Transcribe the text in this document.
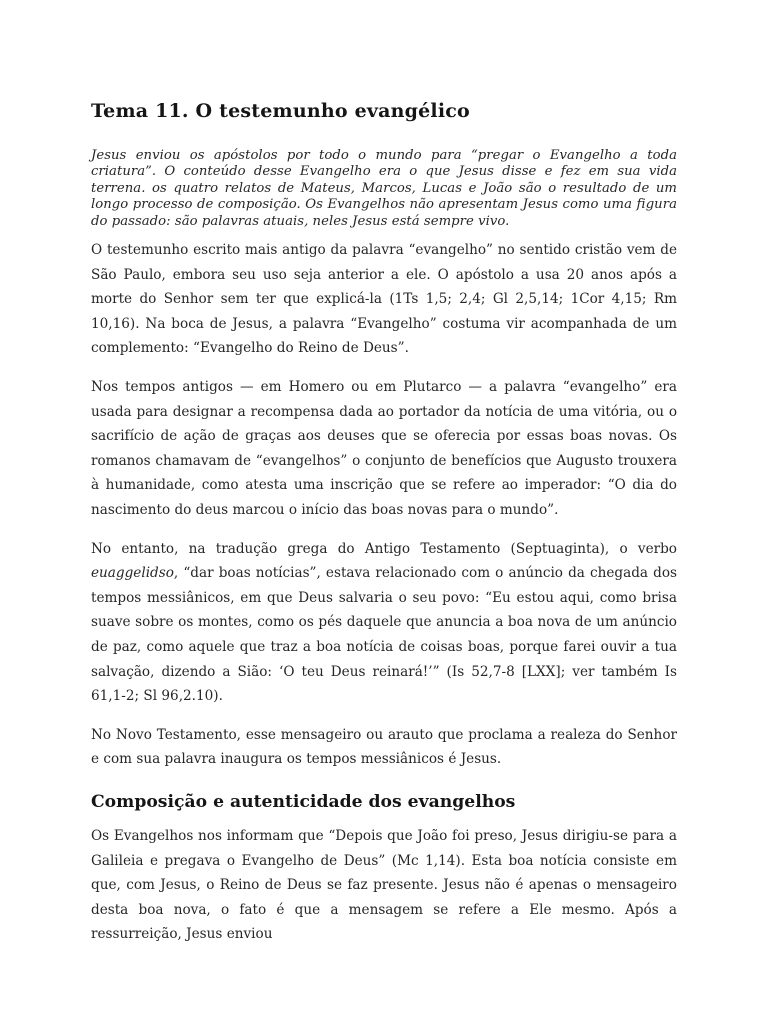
Tema 11. O testemunho evangélico

Jesus enviou os apóstolos por todo o mundo para “pregar o Evangelho a toda criatura”. O conteúdo desse Evangelho era o que Jesus disse e fez em sua vida terrena. os quatro relatos de Mateus, Marcos, Lucas e João são o resultado de um longo processo de composição. Os Evangelhos não apresentam Jesus como uma figura do passado: são palavras atuais, neles Jesus está sempre vivo.

O testemunho escrito mais antigo da palavra “evangelho” no sentido cristão vem de São Paulo, embora seu uso seja anterior a ele. O apóstolo a usa 20 anos após a morte do Senhor sem ter que explicá-la (1Ts 1,5; 2,4; Gl 2,5,14; 1Cor 4,15; Rm 10,16). Na boca de Jesus, a palavra “Evangelho” costuma vir acompanhada de um complemento: “Evangelho do Reino de Deus”.

Nos tempos antigos — em Homero ou em Plutarco — a palavra “evangelho” era usada para designar a recompensa dada ao portador da notícia de uma vitória, ou o sacrifício de ação de graças aos deuses que se oferecia por essas boas novas. Os romanos chamavam de “evangelhos” o conjunto de benefícios que Augusto trouxera à humanidade, como atesta uma inscrição que se refere ao imperador: “O dia do nascimento do deus marcou o início das boas novas para o mundo”.

No entanto, na tradução grega do Antigo Testamento (Septuaginta), o verbo euaggelidso, “dar boas notícias”, estava relacionado com o anúncio da chegada dos tempos messiânicos, em que Deus salvaria o seu povo: “Eu estou aqui, como brisa suave sobre os montes, como os pés daquele que anuncia a boa nova de um anúncio de paz, como aquele que traz a boa notícia de coisas boas, porque farei ouvir a tua salvação, dizendo a Sião: ‘O teu Deus reinará!’” (Is 52,7-8 [LXX]; ver também Is 61,1-2; Sl 96,2.10).

No Novo Testamento, esse mensageiro ou arauto que proclama a realeza do Senhor e com sua palavra inaugura os tempos messiânicos é Jesus.

Composição e autenticidade dos evangelhos

Os Evangelhos nos informam que “Depois que João foi preso, Jesus dirigiu-se para a Galileia e pregava o Evangelho de Deus” (Mc 1,14). Esta boa notícia consiste em que, com Jesus, o Reino de Deus se faz presente. Jesus não é apenas o mensageiro desta boa nova, o fato é que a mensagem se refere a Ele mesmo. Após a ressurreição, Jesus enviou
